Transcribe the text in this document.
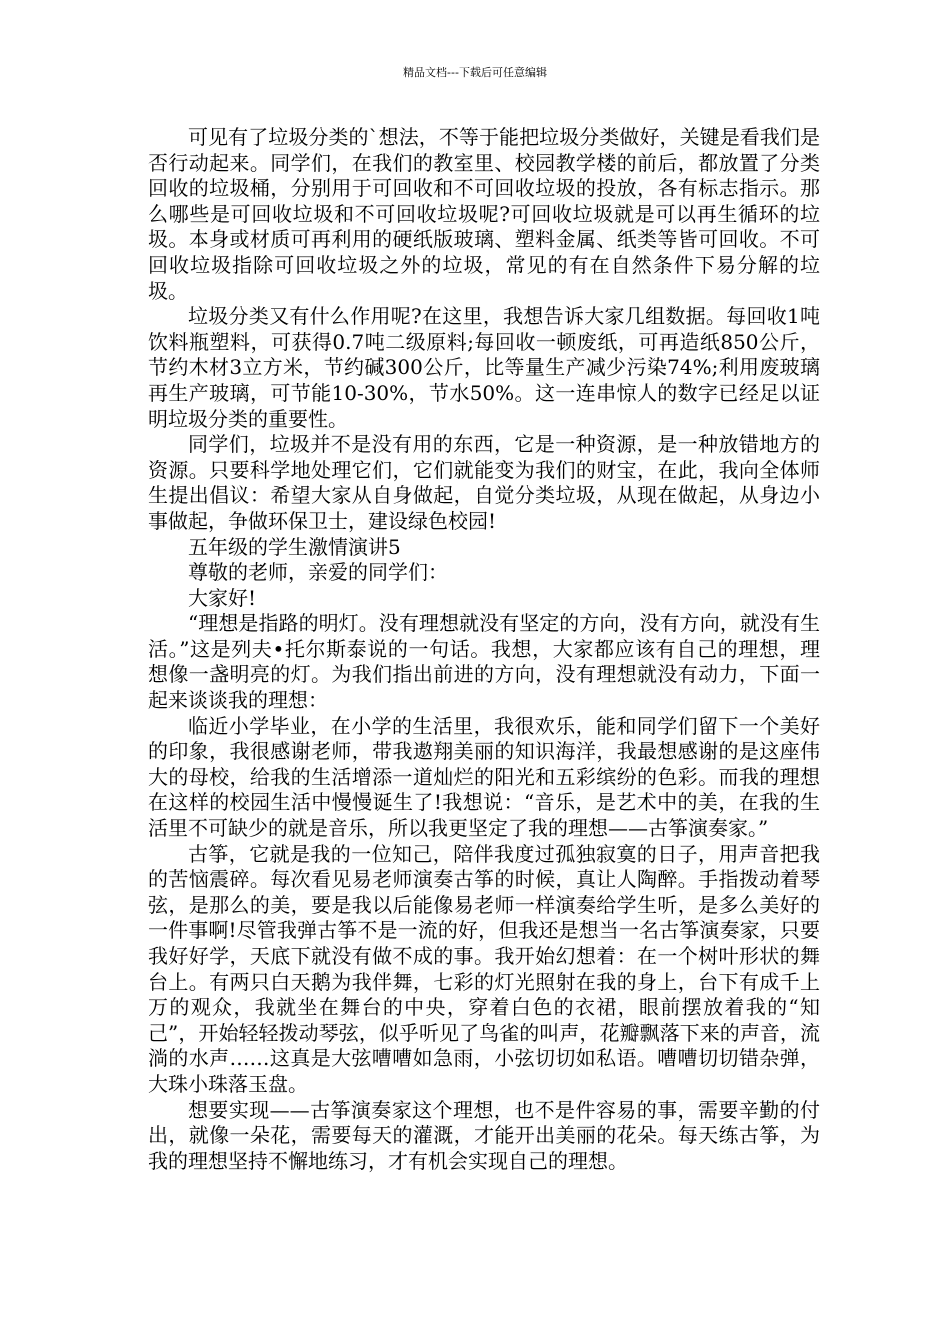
精品文档---下载后可任意编辑

可见有了垃圾分类的`想法，不等于能把垃圾分类做好，关键是看我们是否行动起来。同学们，在我们的教室里、校园教学楼的前后，都放置了分类回收的垃圾桶，分别用于可回收和不可回收垃圾的投放，各有标志指示。那么哪些是可回收垃圾和不可回收垃圾呢?可回收垃圾就是可以再生循环的垃圾。本身或材质可再利用的硬纸版玻璃、塑料金属、纸类等皆可回收。不可回收垃圾指除可回收垃圾之外的垃圾，常见的有在自然条件下易分解的垃圾。

垃圾分类又有什么作用呢?在这里，我想告诉大家几组数据。每回收1吨饮料瓶塑料，可获得0.7吨二级原料;每回收一顿废纸，可再造纸850公斤，节约木材3立方米，节约碱300公斤，比等量生产减少污染74%;利用废玻璃再生产玻璃，可节能10-30%，节水50%。这一连串惊人的数字已经足以证明垃圾分类的重要性。

同学们，垃圾并不是没有用的东西，它是一种资源，是一种放错地方的资源。只要科学地处理它们，它们就能变为我们的财宝，在此，我向全体师生提出倡议：希望大家从自身做起，自觉分类垃圾，从现在做起，从身边小事做起，争做环保卫士，建设绿色校园!

五年级的学生激情演讲5

尊敬的老师，亲爱的同学们：

大家好!

“理想是指路的明灯。没有理想就没有坚定的方向，没有方向，就没有生活。”这是列夫•托尔斯泰说的一句话。我想，大家都应该有自己的理想，理想像一盏明亮的灯。为我们指出前进的方向，没有理想就没有动力，下面一起来谈谈我的理想：

临近小学毕业，在小学的生活里，我很欢乐，能和同学们留下一个美好的印象，我很感谢老师，带我遨翔美丽的知识海洋，我最想感谢的是这座伟大的母校，给我的生活增添一道灿烂的阳光和五彩缤纷的色彩。而我的理想在这样的校园生活中慢慢诞生了!我想说：“音乐，是艺术中的美，在我的生活里不可缺少的就是音乐，所以我更坚定了我的理想——古筝演奏家。”

古筝，它就是我的一位知己，陪伴我度过孤独寂寞的日子，用声音把我的苦恼震碎。每次看见易老师演奏古筝的时候，真让人陶醉。手指拨动着琴弦，是那么的美，要是我以后能像易老师一样演奏给学生听，是多么美好的一件事啊!尽管我弹古筝不是一流的好，但我还是想当一名古筝演奏家，只要我好好学，天底下就没有做不成的事。我开始幻想着：在一个树叶形状的舞台上。有两只白天鹅为我伴舞，七彩的灯光照射在我的身上，台下有成千上万的观众，我就坐在舞台的中央，穿着白色的衣裙，眼前摆放着我的“知己”，开始轻轻拨动琴弦，似乎听见了鸟雀的叫声，花瓣飘落下来的声音，流淌的水声……这真是大弦嘈嘈如急雨，小弦切切如私语。嘈嘈切切错杂弹，大珠小珠落玉盘。

想要实现——古筝演奏家这个理想，也不是件容易的事，需要辛勤的付出，就像一朵花，需要每天的灌溉，才能开出美丽的花朵。每天练古筝，为我的理想坚持不懈地练习，才有机会实现自己的理想。
